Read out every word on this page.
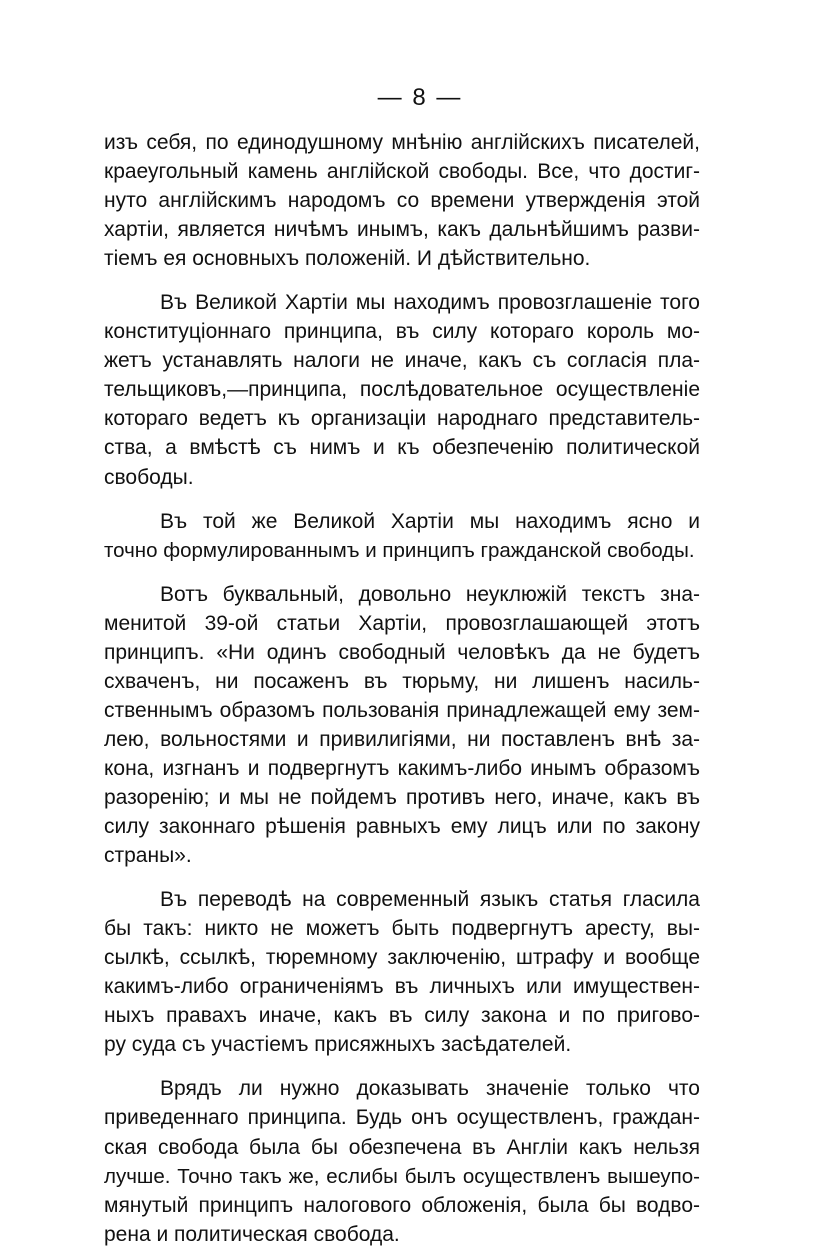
— 8 —
изъ себя, по единодушному мнѣнію англійскихъ писателей,
краеугольный камень англійской свободы. Все, что достиг-
нуто англійскимъ народомъ со времени утвержденія этой
хартіи, является ничѣмъ инымъ, какъ дальнѣйшимъ разви-
тіемъ ея основныхъ положеній. И дѣйствительно.
Въ Великой Хартіи мы находимъ провозглашеніе того
конституціоннаго принципа, въ силу котораго король мо-
жетъ устанавлять налоги не иначе, какъ съ согласія пла-
тельщиковъ,—принципа, послѣдовательное осуществленіе
котораго ведетъ къ организаціи народнаго представитель-
ства, а вмѣстѣ съ нимъ и къ обезпеченію политической
свободы.
Въ той же Великой Хартіи мы находимъ ясно и
точно формулированнымъ и принципъ гражданской свободы.
Вотъ буквальный, довольно неуклюжій текстъ зна-
менитой 39-ой статьи Хартіи, провозглашающей этотъ
принципъ. «Ни одинъ свободный человѣкъ да не будетъ
схваченъ, ни посаженъ въ тюрьму, ни лишенъ насиль-
ственнымъ образомъ пользованія принадлежащей ему зем-
лею, вольностями и привилигіями, ни поставленъ внѣ за-
кона, изгнанъ и подвергнутъ какимъ-либо инымъ образомъ
разоренію; и мы не пойдемъ противъ него, иначе, какъ въ
силу законнаго рѣшенія равныхъ ему лицъ или по закону
страны».
Въ переводѣ на современный языкъ статья гласила
бы такъ: никто не можетъ быть подвергнутъ аресту, вы-
сылкѣ, ссылкѣ, тюремному заключенію, штрафу и вообще
какимъ-либо ограниченіямъ въ личныхъ или имуществен-
ныхъ правахъ иначе, какъ въ силу закона и по пригово-
ру суда съ участіемъ присяжныхъ засѣдателей.
Врядъ ли нужно доказывать значеніе только что
приведеннаго принципа. Будь онъ осуществленъ, граждан-
ская свобода была бы обезпечена въ Англіи какъ нельзя
лучше. Точно такъ же, еслибы былъ осуществленъ вышеупо-
мянутый принципъ налогового обложенія, была бы водво-
рена и политическая свобода.
